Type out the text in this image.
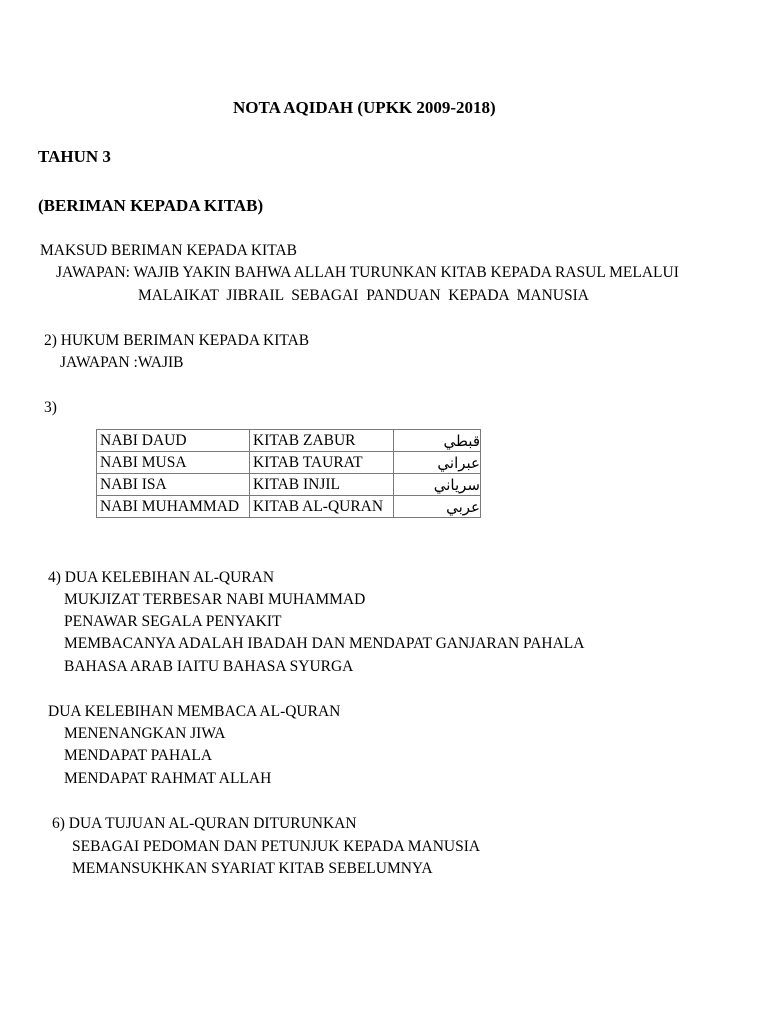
NOTA AQIDAH (UPKK 2009-2018)
TAHUN 3
(BERIMAN KEPADA KITAB)
MAKSUD BERIMAN KEPADA KITAB
JAWAPAN: WAJIB YAKIN BAHWA ALLAH TURUNKAN KITAB KEPADA RASUL MELALUI
MALAIKAT  JIBRAIL  SEBAGAI  PANDUAN  KEPADA  MANUSIA
2) HUKUM BERIMAN KEPADA KITAB
JAWAPAN :WAJIB
3)
NABI DAUD	KITAB ZABUR	قبطي
NABI MUSA	KITAB TAURAT	عبراني
NABI ISA	KITAB INJIL	سرياني
NABI MUHAMMAD	KITAB AL-QURAN	عربي
4) DUA KELEBIHAN AL-QURAN
MUKJIZAT TERBESAR NABI MUHAMMAD
PENAWAR SEGALA PENYAKIT
MEMBACANYA ADALAH IBADAH DAN MENDAPAT GANJARAN PAHALA
BAHASA ARAB IAITU BAHASA SYURGA
DUA KELEBIHAN MEMBACA AL-QURAN
MENENANGKAN JIWA
MENDAPAT PAHALA
MENDAPAT RAHMAT ALLAH
6) DUA TUJUAN AL-QURAN DITURUNKAN
SEBAGAI PEDOMAN DAN PETUNJUK KEPADA MANUSIA
MEMANSUKHKAN SYARIAT KITAB SEBELUMNYA
